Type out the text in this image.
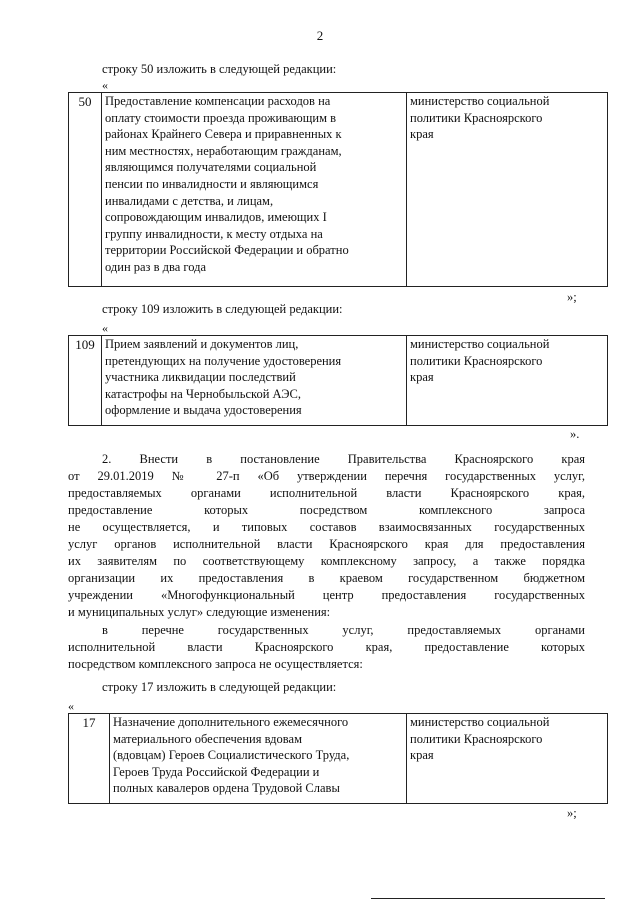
2
строку 50 изложить в следующей редакции:
«
50	Предоставление компенсации расходов на
оплату стоимости проезда проживающим в
районах Крайнего Севера и приравненных к
ним местностях, неработающим гражданам,
являющимся получателями социальной
пенсии по инвалидности и являющимся
инвалидами с детства, и лицам,
сопровождающим инвалидов, имеющих I
группу инвалидности, к месту отдыха на
территории Российской Федерации и обратно
один раз в два года

министерство социальной
политики Красноярского
края
»;
строку 109 изложить в следующей редакции:
«
109	Прием заявлений и документов лиц,
претендующих на получение удостоверения
участника ликвидации последствий
катастрофы на Чернобыльской АЭС,
оформление и выдача удостоверения

министерство социальной
политики Красноярского
края
».
2. Внести в постановление Правительства Красноярского края
от 29.01.2019 № 27-п «Об утверждении перечня государственных услуг,
предоставляемых органами исполнительной власти Красноярского края,
предоставление которых посредством комплексного запроса
не осуществляется, и типовых составов взаимосвязанных государственных
услуг органов исполнительной власти Красноярского края для предоставления
их заявителям по соответствующему комплексному запросу, а также порядка
организации их предоставления в краевом государственном бюджетном
учреждении «Многофункциональный центр предоставления государственных
и муниципальных услуг» следующие изменения:
в перечне государственных услуг, предоставляемых органами
исполнительной власти Красноярского края, предоставление которых
посредством комплексного запроса не осуществляется:
строку 17 изложить в следующей редакции:
«
17	Назначение дополнительного ежемесячного
материального обеспечения вдовам
(вдовцам) Героев Социалистического Труда,
Героев Труда Российской Федерации и
полных кавалеров ордена Трудовой Славы

министерство социальной
политики Красноярского
края
»;
